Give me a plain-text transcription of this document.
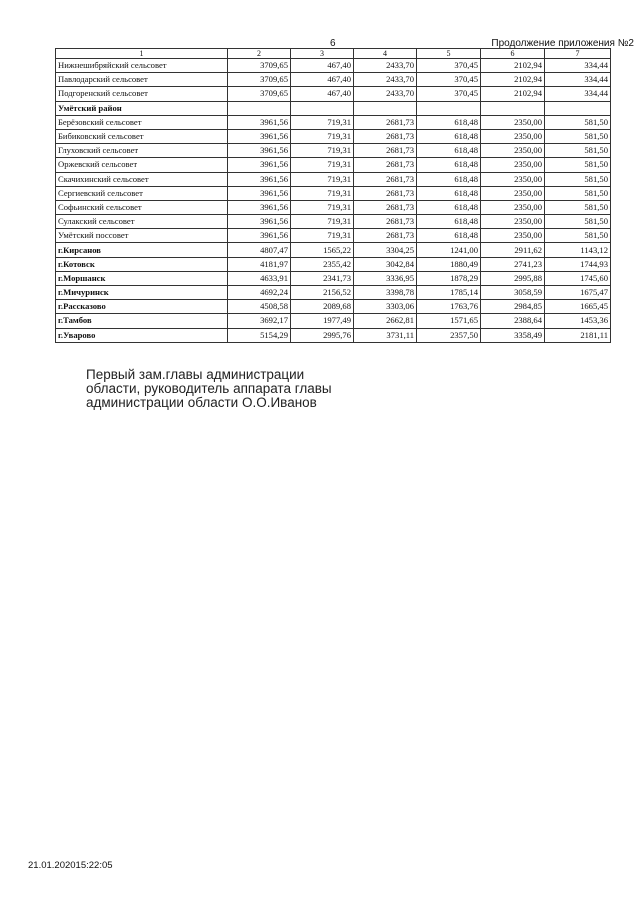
6	Продолжение приложения №2
1	2	3	4	5	6	7
Нижнешибряйский сельсовет	3709,65	467,40	2433,70	370,45	2102,94	334,44
Павлодарский сельсовет	3709,65	467,40	2433,70	370,45	2102,94	334,44
Подгоренский сельсовет	3709,65	467,40	2433,70	370,45	2102,94	334,44
Умётский район						
Берёзовский сельсовет	3961,56	719,31	2681,73	618,48	2350,00	581,50
Бибиковский сельсовет	3961,56	719,31	2681,73	618,48	2350,00	581,50
Глуховский сельсовет	3961,56	719,31	2681,73	618,48	2350,00	581,50
Оржевский сельсовет	3961,56	719,31	2681,73	618,48	2350,00	581,50
Скачихинский сельсовет	3961,56	719,31	2681,73	618,48	2350,00	581,50
Сергиевский сельсовет	3961,56	719,31	2681,73	618,48	2350,00	581,50
Софьинский сельсовет	3961,56	719,31	2681,73	618,48	2350,00	581,50
Сулакский сельсовет	3961,56	719,31	2681,73	618,48	2350,00	581,50
Умётский поссовет	3961,56	719,31	2681,73	618,48	2350,00	581,50
г.Кирсанов	4807,47	1565,22	3304,25	1241,00	2911,62	1143,12
г.Котовск	4181,97	2355,42	3042,84	1880,49	2741,23	1744,93
г.Моршанск	4633,91	2341,73	3336,95	1878,29	2995,88	1745,60
г.Мичуринск	4692,24	2156,52	3398,78	1785,14	3058,59	1675,47
г.Рассказово	4508,58	2089,68	3303,06	1763,76	2984,85	1665,45
г.Тамбов	3692,17	1977,49	2662,81	1571,65	2388,64	1453,36
г.Уварово	5154,29	2995,76	3731,11	2357,50	3358,49	2181,11
Первый зам.главы администрации
области, руководитель аппарата главы
администрации области О.О.Иванов
21.01.202015:22:05
